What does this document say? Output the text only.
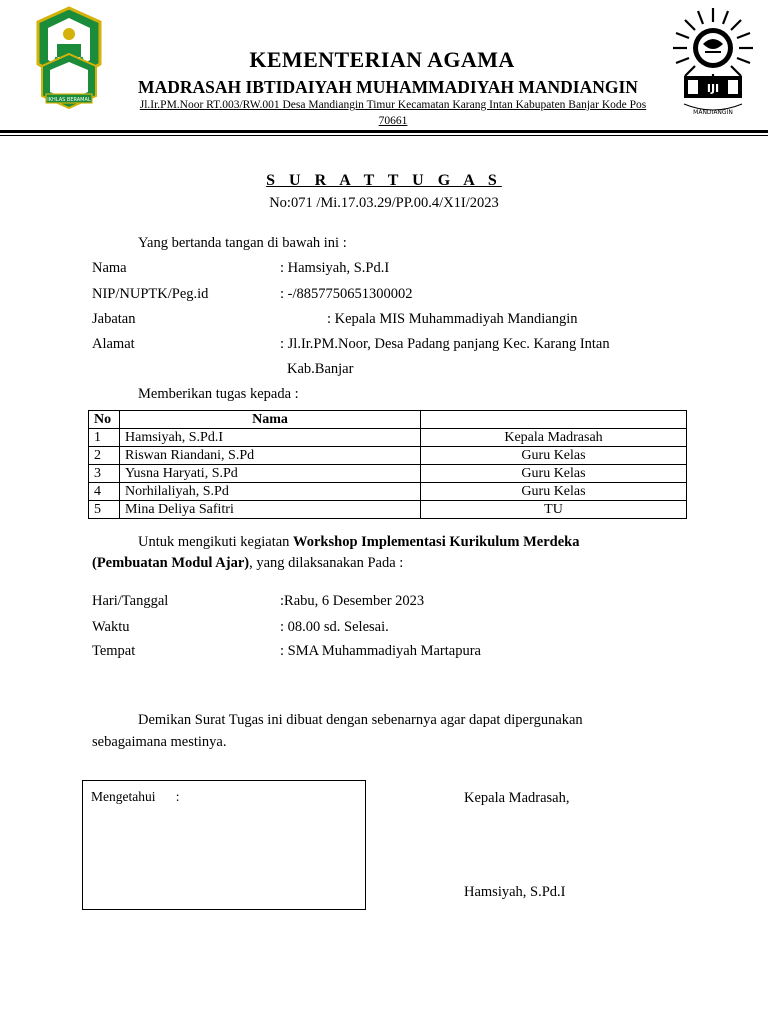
IKHLAS BERAMAL
IJI
MANDIANGIN
KEMENTERIAN AGAMA
MADRASAH IBTIDAIYAH MUHAMMADIYAH MANDIANGIN
Jl.Ir.PM.Noor RT.003/RW.001 Desa Mandiangin Timur Kecamatan Karang Intan Kabupaten Banjar Kode Pos 70661
S U R A T T U G A S
No:071 /Mi.17.03.29/PP.00.4/X1I/2023
Yang bertanda tangan di bawah ini :
Nama	: Hamsiyah, S.Pd.I
NIP/NUPTK/Peg.id	: -/8857750651300002
Jabatan	: Kepala MIS Muhammadiyah Mandiangin
Alamat	: Jl.Ir.PM.Noor, Desa Padang panjang Kec. Karang Intan
Kab.Banjar
Memberikan tugas kepada :
No	Nama	
1	Hamsiyah, S.Pd.I	Kepala Madrasah
2	Riswan Riandani, S.Pd	Guru Kelas
3	Yusna Haryati, S.Pd	Guru Kelas
4	Norhilaliyah, S.Pd	Guru Kelas
5	Mina Deliya Safitri	TU
Untuk mengikuti kegiatan Workshop Implementasi Kurikulum Merdeka
(Pembuatan Modul Ajar), yang dilaksanakan Pada :
Hari/Tanggal	:Rabu, 6 Desember 2023
Waktu	: 08.00 sd. Selesai.
Tempat	: SMA Muhammadiyah Martapura
Demikan Surat Tugas ini dibuat dengan sebenarnya agar dapat dipergunakan
sebagaimana mestinya.
Mengetahui      :	Kepala Madrasah,
Hamsiyah, S.Pd.I
